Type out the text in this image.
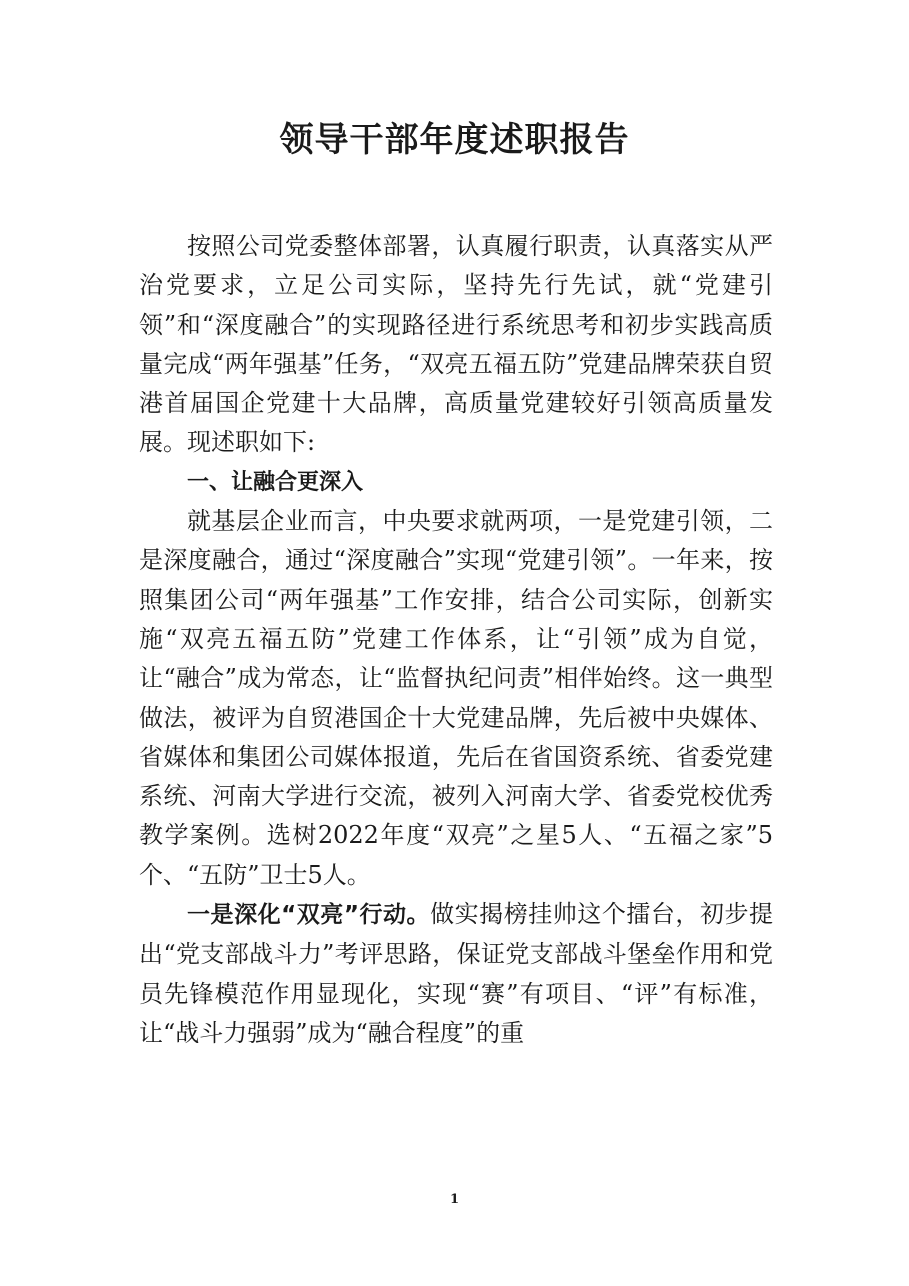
领导干部年度述职报告

按照公司党委整体部署，认真履行职责，认真落实从严治党要求，立足公司实际，坚持先行先试，就“党建引领”和“深度融合”的实现路径进行系统思考和初步实践高质量完成“两年强基”任务，“双亮五福五防”党建品牌荣获自贸港首届国企党建十大品牌，高质量党建较好引领高质量发展。现述职如下:

一、让融合更深入

就基层企业而言，中央要求就两项，一是党建引领，二是深度融合，通过“深度融合”实现“党建引领”。一年来，按照集团公司“两年强基”工作安排，结合公司实际，创新实施“双亮五福五防”党建工作体系，让“引领”成为自觉，让“融合”成为常态，让“监督执纪问责”相伴始终。这一典型做法，被评为自贸港国企十大党建品牌，先后被中央媒体、省媒体和集团公司媒体报道，先后在省国资系统、省委党建系统、河南大学进行交流，被列入河南大学、省委党校优秀教学案例。选树2022年度“双亮”之星5人、“五福之家”5个、“五防”卫士5人。

一是深化“双亮”行动。做实揭榜挂帅这个擂台，初步提出“党支部战斗力”考评思路，保证党支部战斗堡垒作用和党员先锋模范作用显现化，实现“赛”有项目、“评”有标准，让“战斗力强弱”成为“融合程度”的重

1
